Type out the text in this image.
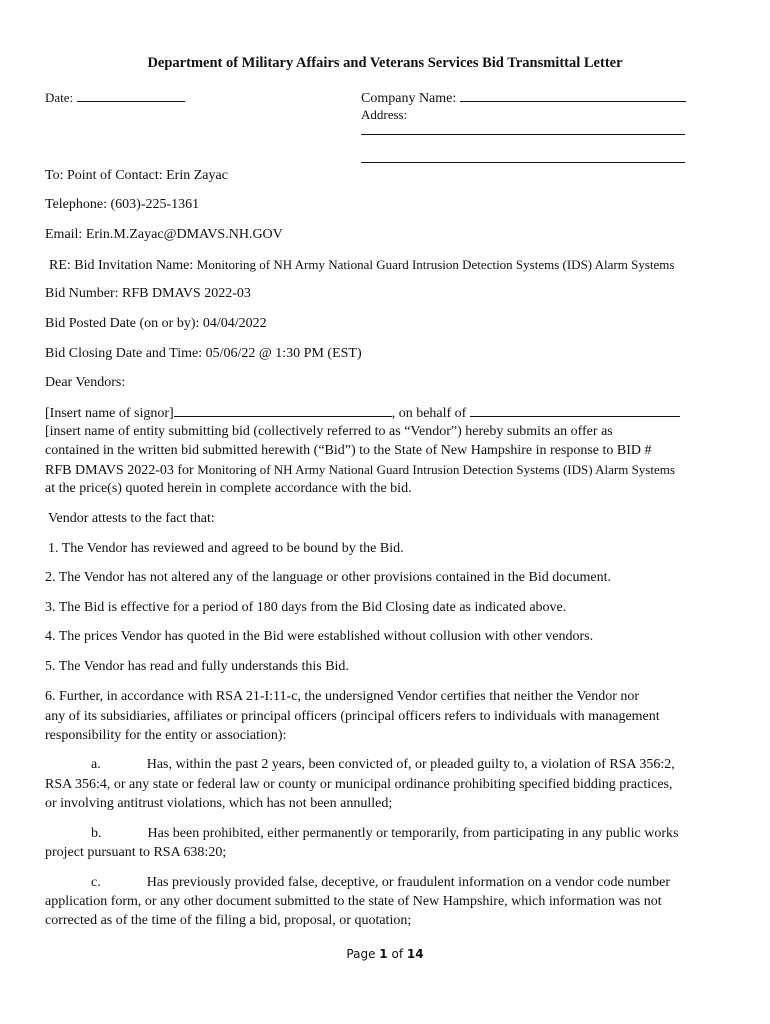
Department of Military Affairs and Veterans Services Bid Transmittal Letter
Date:	Company Name:
Address:
To: Point of Contact: Erin Zayac
Telephone: (603)-225-1361
Email: Erin.M.Zayac@DMAVS.NH.GOV
RE: Bid Invitation Name: Monitoring of NH Army National Guard Intrusion Detection Systems (IDS) Alarm Systems
Bid Number: RFB DMAVS 2022-03
Bid Posted Date (on or by): 04/04/2022
Bid Closing Date and Time: 05/06/22 @ 1:30 PM (EST)
Dear Vendors:
[Insert name of signor]	, on behalf of
[insert name of entity submitting bid (collectively referred to as “Vendor”) hereby submits an offer as
contained in the written bid submitted herewith (“Bid”) to the State of New Hampshire in response to BID #
RFB DMAVS 2022-03 for Monitoring of NH Army National Guard Intrusion Detection Systems (IDS) Alarm Systems
at the price(s) quoted herein in complete accordance with the bid.
Vendor attests to the fact that:
1. The Vendor has reviewed and agreed to be bound by the Bid.
2. The Vendor has not altered any of the language or other provisions contained in the Bid document.
3. The Bid is effective for a period of 180 days from the Bid Closing date as indicated above.
4. The prices Vendor has quoted in the Bid were established without collusion with other vendors.
5. The Vendor has read and fully understands this Bid.
6. Further, in accordance with RSA 21-I:11-c, the undersigned Vendor certifies that neither the Vendor nor
any of its subsidiaries, affiliates or principal officers (principal officers refers to individuals with management
responsibility for the entity or association):
a.	Has, within the past 2 years, been convicted of, or pleaded guilty to, a violation of RSA 356:2,
RSA 356:4, or any state or federal law or county or municipal ordinance prohibiting specified bidding practices,
or involving antitrust violations, which has not been annulled;
b.	Has been prohibited, either permanently or temporarily, from participating in any public works
project pursuant to RSA 638:20;
c.	Has previously provided false, deceptive, or fraudulent information on a vendor code number
application form, or any other document submitted to the state of New Hampshire, which information was not
corrected as of the time of the filing a bid, proposal, or quotation;
Page 1 of 14
